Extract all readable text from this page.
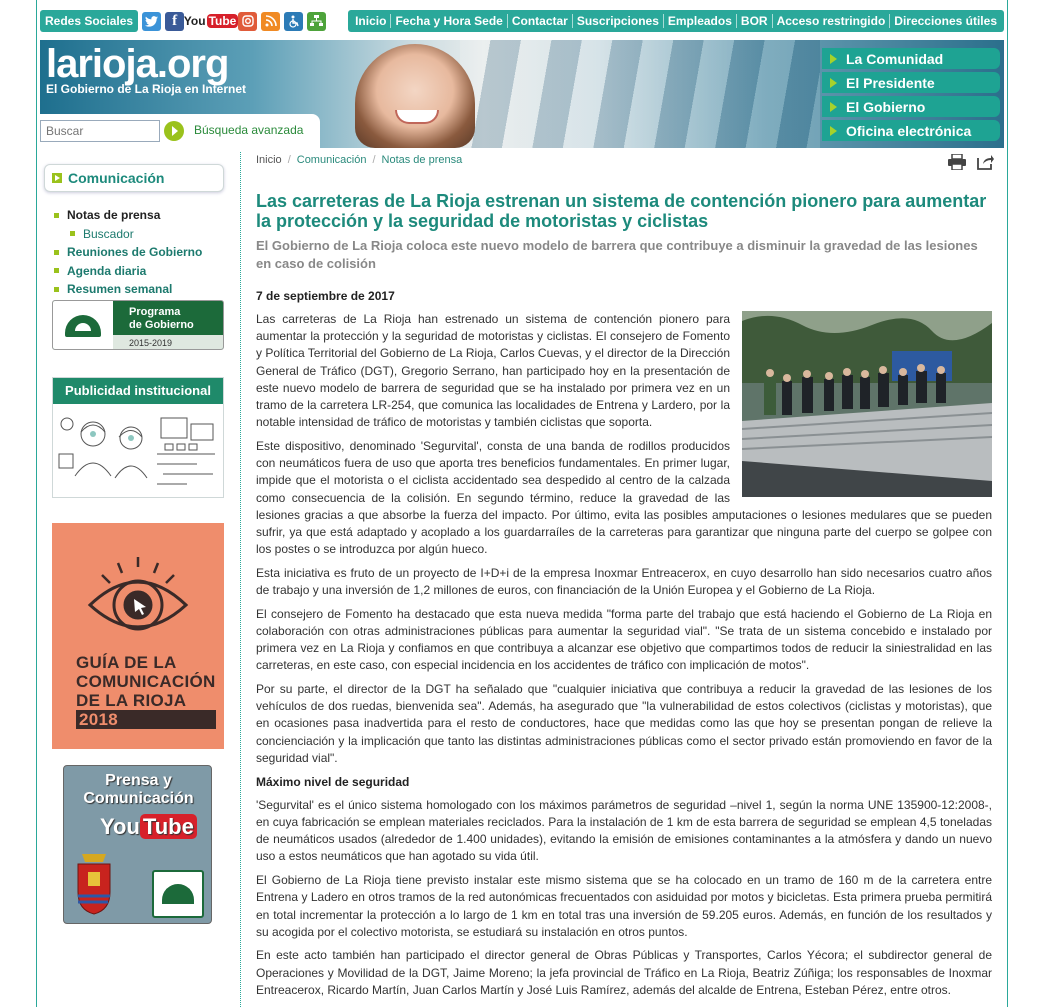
Redes Sociales	f You Tube	Inicio Fecha y Hora Sede Contactar Suscripciones Empleados BOR Acceso restringido Direcciones útiles
larioja.org
El Gobierno de La Rioja en Internet
Buscar
Búsqueda avanzada
La Comunidad
El Presidente
El Gobierno
Oficina electrónica
Comunicación
Notas de prensa
Buscador
Reuniones de Gobierno
Agenda diaria
Resumen semanal
Programa
de Gobierno
2015-2019
Publicidad institucional
GUÍA DE LA
COMUNICACIÓN
DE LA RIOJA
2018
Prensa y
Comunicación
You Tube
Inicio / Comunicación / Notas de prensa
Las carreteras de La Rioja estrenan un sistema de contención pionero para aumentar la protección y la seguridad de motoristas y ciclistas
El Gobierno de La Rioja coloca este nuevo modelo de barrera que contribuye a disminuir la gravedad de las lesiones en caso de colisión
7 de septiembre de 2017

Las carreteras de La Rioja han estrenado un sistema de contención pionero para aumentar la protección y la seguridad de motoristas y ciclistas. El consejero de Fomento y Política Territorial del Gobierno de La Rioja, Carlos Cuevas, y el director de la Dirección General de Tráfico (DGT), Gregorio Serrano, han participado hoy en la presentación de este nuevo modelo de barrera de seguridad que se ha instalado por primera vez en un tramo de la carretera LR-254, que comunica las localidades de Entrena y Lardero, por la notable intensidad de tráfico de motoristas y también ciclistas que soporta.

Este dispositivo, denominado 'Segurvital', consta de una banda de rodillos producidos con neumáticos fuera de uso que aporta tres beneficios fundamentales. En primer lugar, impide que el motorista o el ciclista accidentado sea despedido al centro de la calzada como consecuencia de la colisión. En segundo término, reduce la gravedad de las lesiones gracias a que absorbe la fuerza del impacto. Por último, evita las posibles amputaciones o lesiones medulares que se pueden sufrir, ya que está adaptado y acoplado a los guardarraíles de la carreteras para garantizar que ninguna parte del cuerpo se golpee con los postes o se introduzca por algún hueco.

Esta iniciativa es fruto de un proyecto de I+D+i de la empresa Inoxmar Entreacerox, en cuyo desarrollo han sido necesarios cuatro años de trabajo y una inversión de 1,2 millones de euros, con financiación de la Unión Europea y el Gobierno de La Rioja.

El consejero de Fomento ha destacado que esta nueva medida "forma parte del trabajo que está haciendo el Gobierno de La Rioja en colaboración con otras administraciones públicas para aumentar la seguridad vial". "Se trata de un sistema concebido e instalado por primera vez en La Rioja y confiamos en que contribuya a alcanzar ese objetivo que compartimos todos de reducir la siniestralidad en las carreteras, en este caso, con especial incidencia en los accidentes de tráfico con implicación de motos".

Por su parte, el director de la DGT ha señalado que "cualquier iniciativa que contribuya a reducir la gravedad de las lesiones de los vehículos de dos ruedas, bienvenida sea". Además, ha asegurado que "la vulnerabilidad de estos colectivos (ciclistas y motoristas), que en ocasiones pasa inadvertida para el resto de conductores, hace que medidas como las que hoy se presentan pongan de relieve la concienciación y la implicación que tanto las distintas administraciones públicas como el sector privado están promoviendo en favor de la seguridad vial".

Máximo nivel de seguridad

'Segurvital' es el único sistema homologado con los máximos parámetros de seguridad –nivel 1, según la norma UNE 135900-12:2008-, en cuya fabricación se emplean materiales reciclados. Para la instalación de 1 km de esta barrera de seguridad se emplean 4,5 toneladas de neumáticos usados (alrededor de 1.400 unidades), evitando la emisión de emisiones contaminantes a la atmósfera y dando un nuevo uso a estos neumáticos que han agotado su vida útil.

El Gobierno de La Rioja tiene previsto instalar este mismo sistema que se ha colocado en un tramo de 160 m de la carretera entre Entrena y Ladero en otros tramos de la red autonómicas frecuentados con asiduidad por motos y bicicletas. Esta primera prueba permitirá en total incrementar la protección a lo largo de 1 km en total tras una inversión de 59.205 euros. Además, en función de los resultados y su acogida por el colectivo motorista, se estudiará su instalación en otros puntos.

En este acto también han participado el director general de Obras Públicas y Transportes, Carlos Yécora; el subdirector general de Operaciones y Movilidad de la DGT, Jaime Moreno; la jefa provincial de Tráfico en La Rioja, Beatriz Zúñiga; los responsables de Inoxmar Entreacerox, Ricardo Martín, Juan Carlos Martín y José Luis Ramírez, además del alcalde de Entrena, Esteban Pérez, entre otros.
